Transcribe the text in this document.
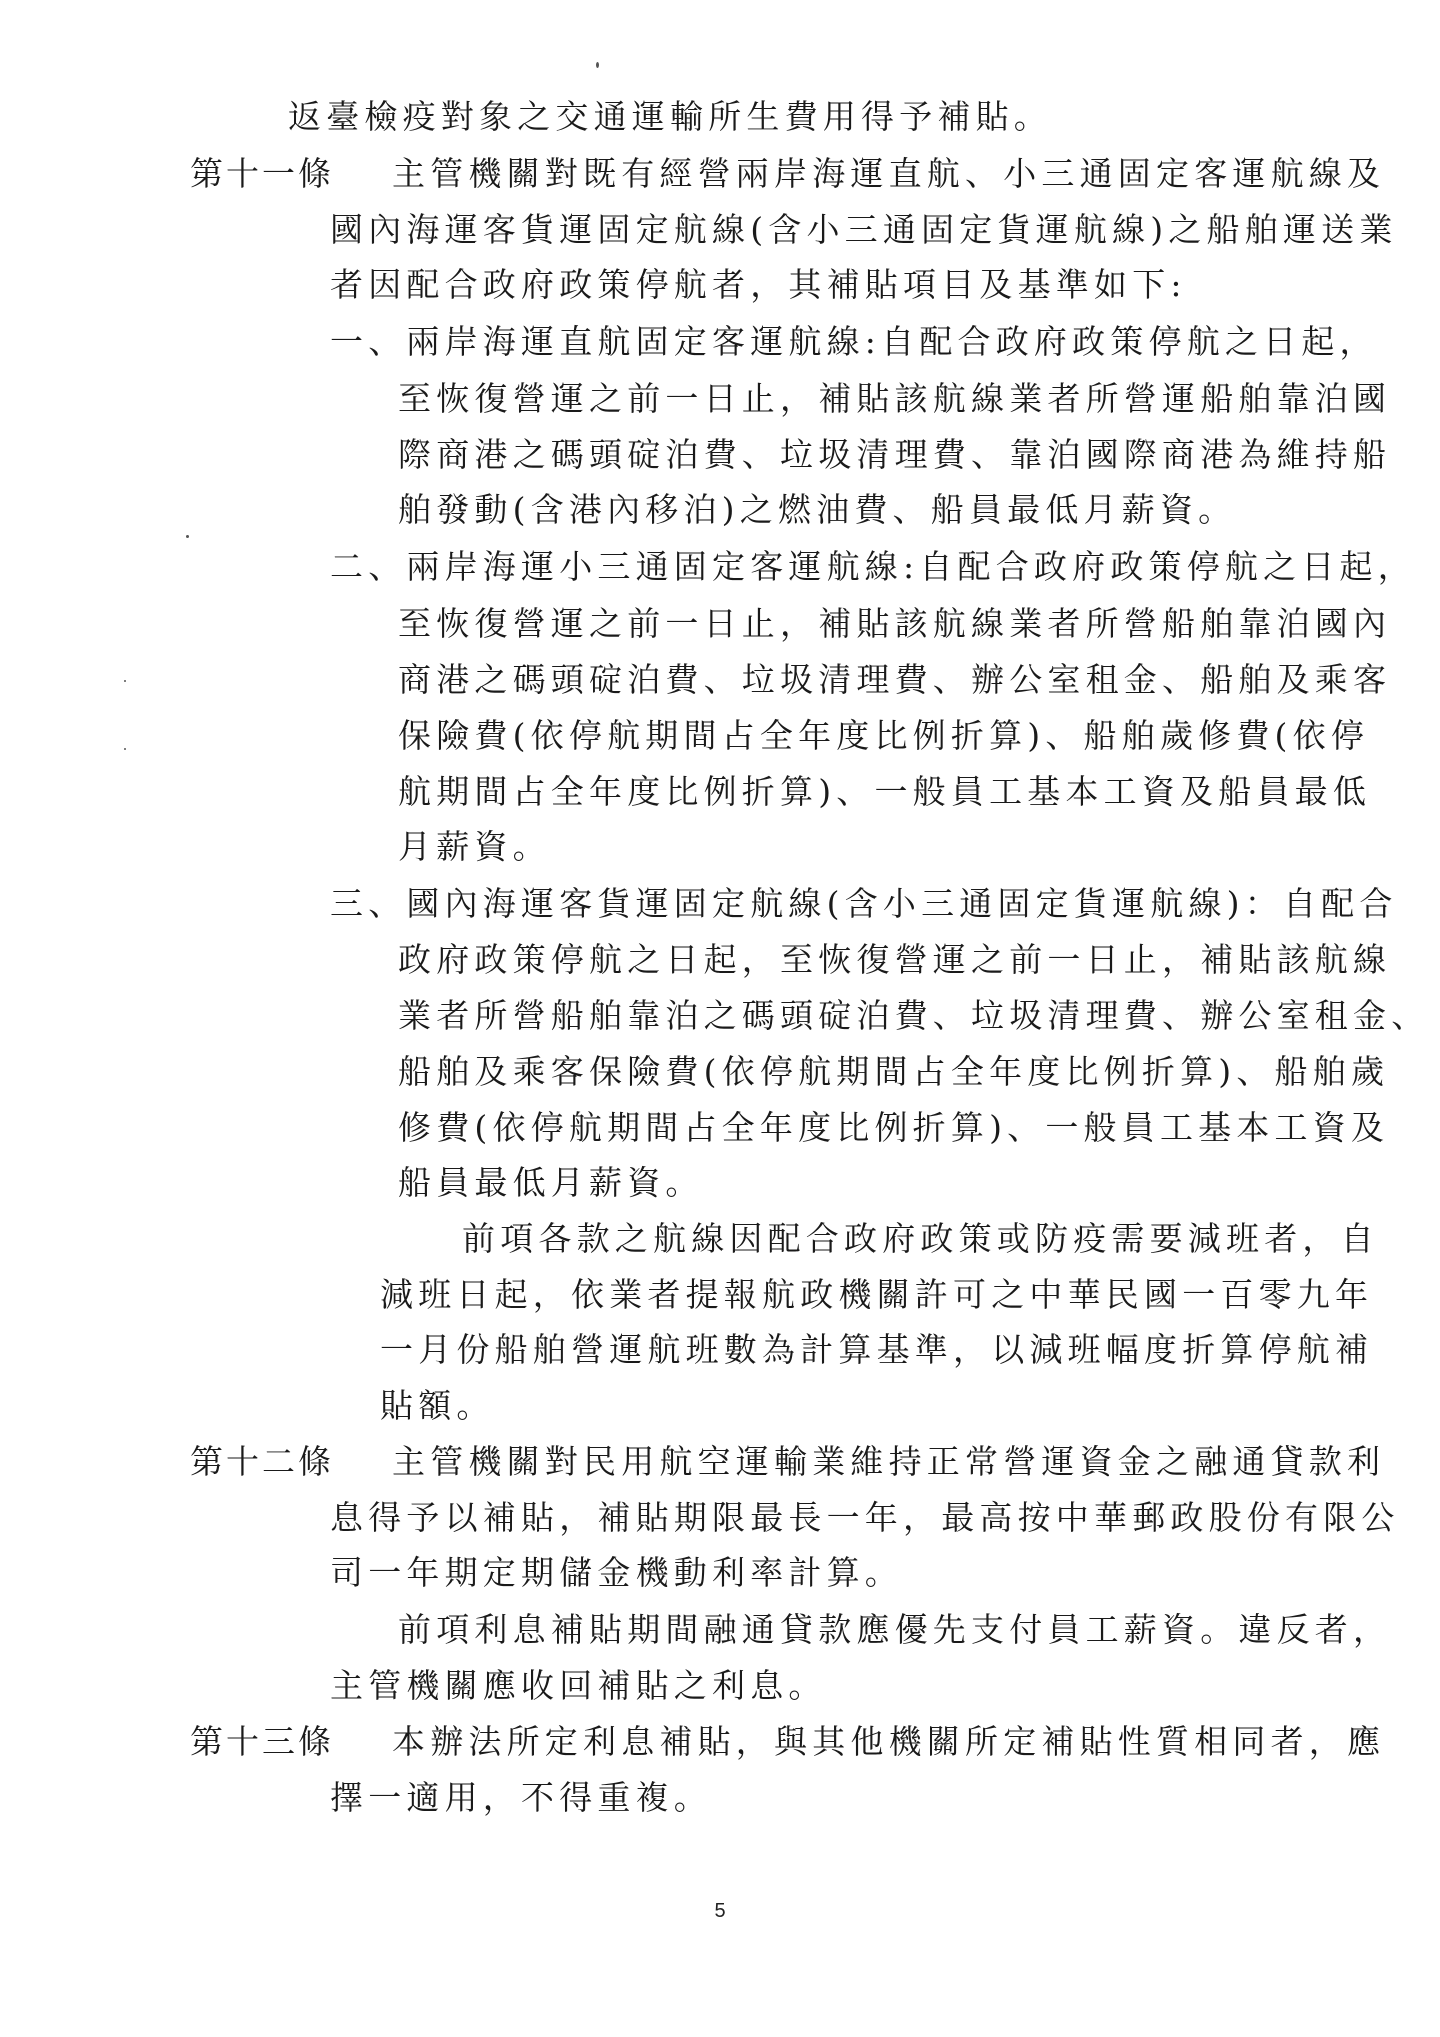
返臺檢疫對象之交通運輸所生費用得予補貼。
第十一條 主管機關對既有經營兩岸海運直航、小三通固定客運航線及
國內海運客貨運固定航線(含小三通固定貨運航線)之船舶運送業
者因配合政府政策停航者，其補貼項目及基準如下:
一、兩岸海運直航固定客運航線:自配合政府政策停航之日起，
至恢復營運之前一日止，補貼該航線業者所營運船舶靠泊國
際商港之碼頭碇泊費、垃圾清理費、靠泊國際商港為維持船
舶發動(含港內移泊)之燃油費、船員最低月薪資。
二、兩岸海運小三通固定客運航線:自配合政府政策停航之日起，
至恢復營運之前一日止，補貼該航線業者所營船舶靠泊國內
商港之碼頭碇泊費、垃圾清理費、辦公室租金、船舶及乘客
保險費(依停航期間占全年度比例折算)、船舶歲修費(依停
航期間占全年度比例折算)、一般員工基本工資及船員最低
月薪資。
三、國內海運客貨運固定航線(含小三通固定貨運航線)：自配合
政府政策停航之日起，至恢復營運之前一日止，補貼該航線
業者所營船舶靠泊之碼頭碇泊費、垃圾清理費、辦公室租金、
船舶及乘客保險費(依停航期間占全年度比例折算)、船舶歲
修費(依停航期間占全年度比例折算)、一般員工基本工資及
船員最低月薪資。
前項各款之航線因配合政府政策或防疫需要減班者，自
減班日起，依業者提報航政機關許可之中華民國一百零九年
一月份船舶營運航班數為計算基準，以減班幅度折算停航補
貼額。
第十二條 主管機關對民用航空運輸業維持正常營運資金之融通貸款利
息得予以補貼，補貼期限最長一年，最高按中華郵政股份有限公
司一年期定期儲金機動利率計算。
前項利息補貼期間融通貸款應優先支付員工薪資。違反者，
主管機關應收回補貼之利息。
第十三條 本辦法所定利息補貼，與其他機關所定補貼性質相同者，應
擇一適用，不得重複。
5
